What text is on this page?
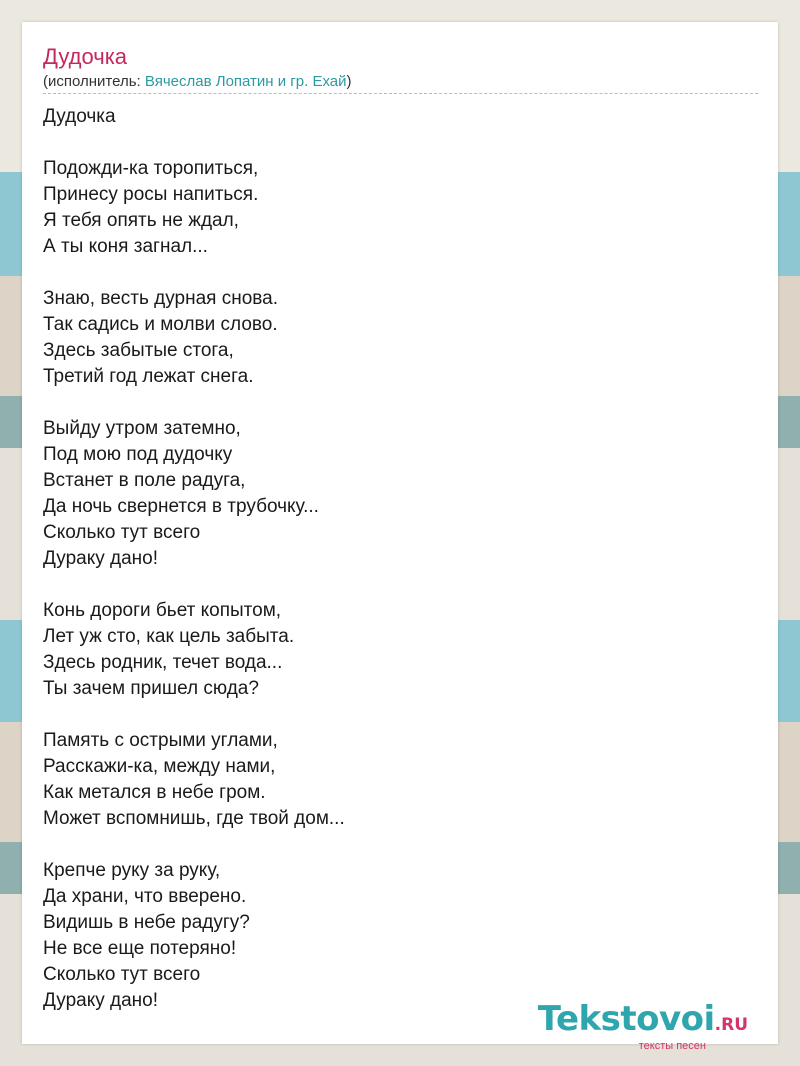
Дудочка
(исполнитель: Вячеслав Лопатин и гр. Ехай)
Дудочка
Подожди-ка торопиться,
Принесу росы напиться.
Я тебя опять не ждал,
А ты коня загнал...
Знаю, весть дурная снова.
Так садись и молви слово.
Здесь забытые стога,
Третий год лежат снега.
Выйду утром затемно,
Под мою под дудочку
Встанет в поле радуга,
Да ночь свернется в трубочку...
Сколько тут всего
Дураку дано!
Конь дороги бьет копытом,
Лет уж сто, как цель забыта.
Здесь родник, течет вода...
Ты зачем пришел сюда?
Память с острыми углами,
Расскажи-ка, между нами,
Как метался в небе гром.
Может вспомнишь, где твой дом...
Крепче руку за руку,
Да храни, что вверено.
Видишь в небе радугу?
Не все еще потеряно!
Сколько тут всего
Дураку дано!	Tekstovoi.RU
тексты песен
